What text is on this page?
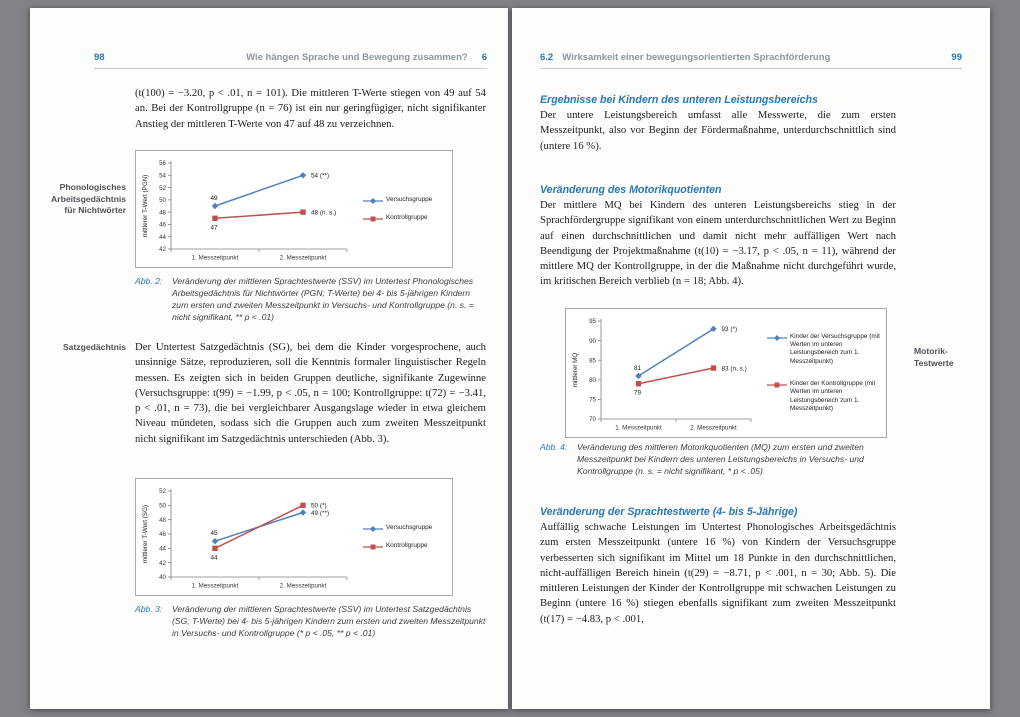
98	Wie hängen Sprache und Bewegung zusammen? 6
Phonologisches Arbeitsgedächtnis für Nichtwörter
Satzgedächtnis

(t(100) = −3.20, p < .01, n = 101). Die mittleren T-Werte stiegen von 49 auf 54 an. Bei der Kontrollgruppe (n = 76) ist ein nur geringfügiger, nicht signifikanter Anstieg der mittleren T-Werte von 47 auf 48 zu verzeichnen.

42
44
46
48
50
52
54
56
1. Messzeitpunkt	2. Messzeitpunkt
mittlerer T-Wert (PGN)	49
54 (**)
47
48 (n. s.)
Versuchsgruppe
Kontrollgruppe
Abb. 2:	Veränderung der mittleren Sprachtestwerte (SSV) im Untertest Phonologisches Arbeitsgedächtnis für Nichtwörter (PGN; T-Werte) bei 4- bis 5-jährigen Kindern zum ersten und zweiten Messzeitpunkt in Versuchs- und Kontrollgruppe (n. s. = nicht signifikant, ** p < .01)

Der Untertest Satzgedächtnis (SG), bei dem die Kinder vorgesprochene, auch unsinnige Sätze, reproduzieren, soll die Kenntnis formaler linguistischer Regeln messen. Es zeigten sich in beiden Gruppen deutliche, signifikante Zugewinne (Versuchsgruppe: t(99) = −1.99, p < .05, n = 100; Kontrollgruppe: t(72) = −3.41, p < .01, n = 73), die bei vergleichbarer Ausgangslage wieder in etwa gleichem Niveau mündeten, sodass sich die Gruppen auch zum zweiten Messzeitpunkt nicht signifikant im Satzgedächtnis unterschieden (Abb. 3).

40
42
44
46
48
50
52
1. Messzeitpunkt	2. Messzeitpunkt
mittlerer T-Wert (SG)	45
49 (**)
44
50 (*)
Versuchsgruppe
Kontrollgruppe
Abb. 3:	Veränderung der mittleren Sprachtestwerte (SSV) im Untertest Satzgedächtnis (SG; T-Werte) bei 4- bis 5-jährigen Kindern zum ersten und zweiten Messzeitpunkt in Versuchs- und Kontrollgruppe (* p < .05, ** p < .01)
6.2 Wirksamkeit einer bewegungsorientierten Sprachförderung	99
Ergebnisse bei Kindern des unteren Leistungsbereichs

Der untere Leistungsbereich umfasst alle Messwerte, die zum ersten Messzeitpunkt, also vor Beginn der Fördermaßnahme, unterdurchschnittlich sind (untere 16 %).

Veränderung des Motorikquotienten

Der mittlere MQ bei Kindern des unteren Leistungsbereichs stieg in der Sprachfördergruppe signifikant von einem unterdurchschnittlichen Wert zu Beginn auf einen durchschnittlichen und damit nicht mehr auffälligen Wert nach Beendigung der Projektmaßnahme (t(10) = −3.17, p < .05, n = 11), während der mittlere MQ der Kontrollgruppe, in der die Maßnahme nicht durchgeführt wurde, im kritischen Bereich verblieb (n = 18; Abb. 4).

70
75
80
85
90
95
1. Messzeitpunkt	2. Messzeitpunkt
mittlerer MQ	81
93 (*)
79
83 (n. s.)
Kinder der Versuchsgruppe (mit Werten im unteren Leistungsbereich zum 1. Messzeitpunkt)
Kinder der Kontrollgruppe (mit Werten im unteren Leistungsbereich zum 1. Messzeitpunkt)
Motorik-Testwerte
Abb. 4:	Veränderung des mittleren Motorikquotienten (MQ) zum ersten und zweiten Messzeitpunkt bei Kindern des unteren Leistungsbereichs in Versuchs- und Kontrollgruppe (n. s. = nicht signifikant, * p < .05)
Veränderung der Sprachtestwerte (4- bis 5-Jährige)

Auffällig schwache Leistungen im Untertest Phonologisches Arbeitsgedächtnis zum ersten Messzeitpunkt (untere 16 %) von Kindern der Versuchsgruppe verbesserten sich signifikant im Mittel um 18 Punkte in den durchschnittlichen, nicht-auffälligen Bereich hinein (t(29) = −8.71, p < .001, n = 30; Abb. 5). Die mittleren Leistungen der Kinder der Kontrollgruppe mit schwachen Leistungen zu Beginn (untere 16 %) stiegen ebenfalls signifikant zum zweiten Messzeitpunkt (t(17) = −4.83, p < .001,
